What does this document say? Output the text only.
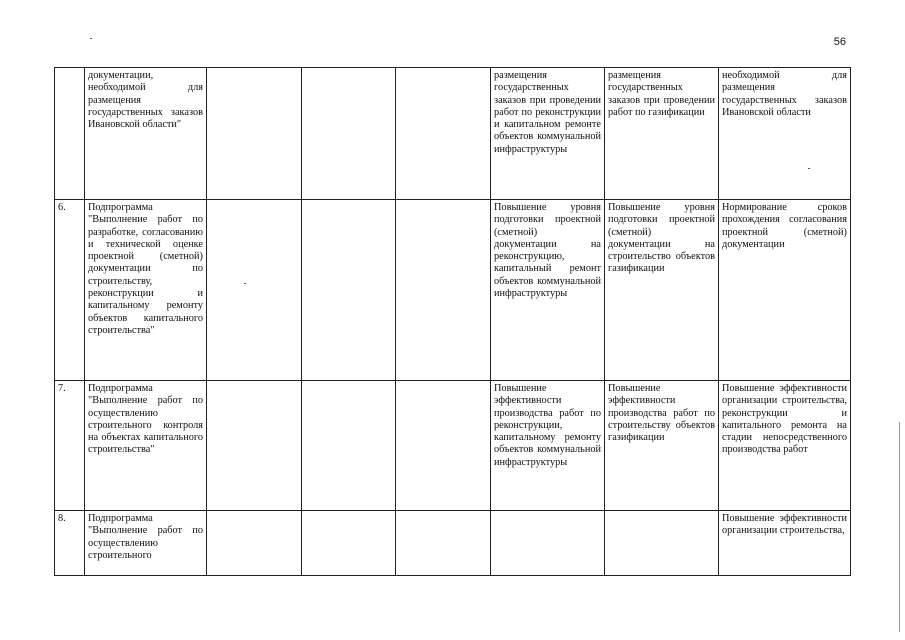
56
	документации, необходимой для размещения государственных заказов Ивановской области"				размещения государственных заказов при проведении работ по реконструкции и капитальном ремонте объектов коммунальной инфраструктуры	размещения государственных заказов при проведении работ по газификации	необходимой для размещения государственных заказов Ивановской области
6.	Подпрограмма "Выполнение работ по разработке, согласованию и технической оценке проектной (сметной) документации по строительству, реконструкции и капитальному ремонту объектов капитального строительства"				Повышение уровня подготовки проектной (сметной) документации на реконструкцию, капитальный ремонт объектов коммунальной инфраструктуры	Повышение уровня подготовки проектной (сметной) документации на строительство объектов газификации	Нормирование сроков прохождения согласования проектной (сметной) документации
7.	Подпрограмма "Выполнение работ по осуществлению строительного контроля на объектах капитального строительства"				Повышение эффективности производства работ по реконструкции, капитальному ремонту объектов коммунальной инфраструктуры	Повышение эффективности производства работ по строительству объектов газификации	Повышение эффективности организации строительства, реконструкции и капитального ремонта на стадии непосредственного производства работ
8.	Подпрограмма "Выполнение работ по осуществлению строительного						Повышение эффективности организации строительства,
